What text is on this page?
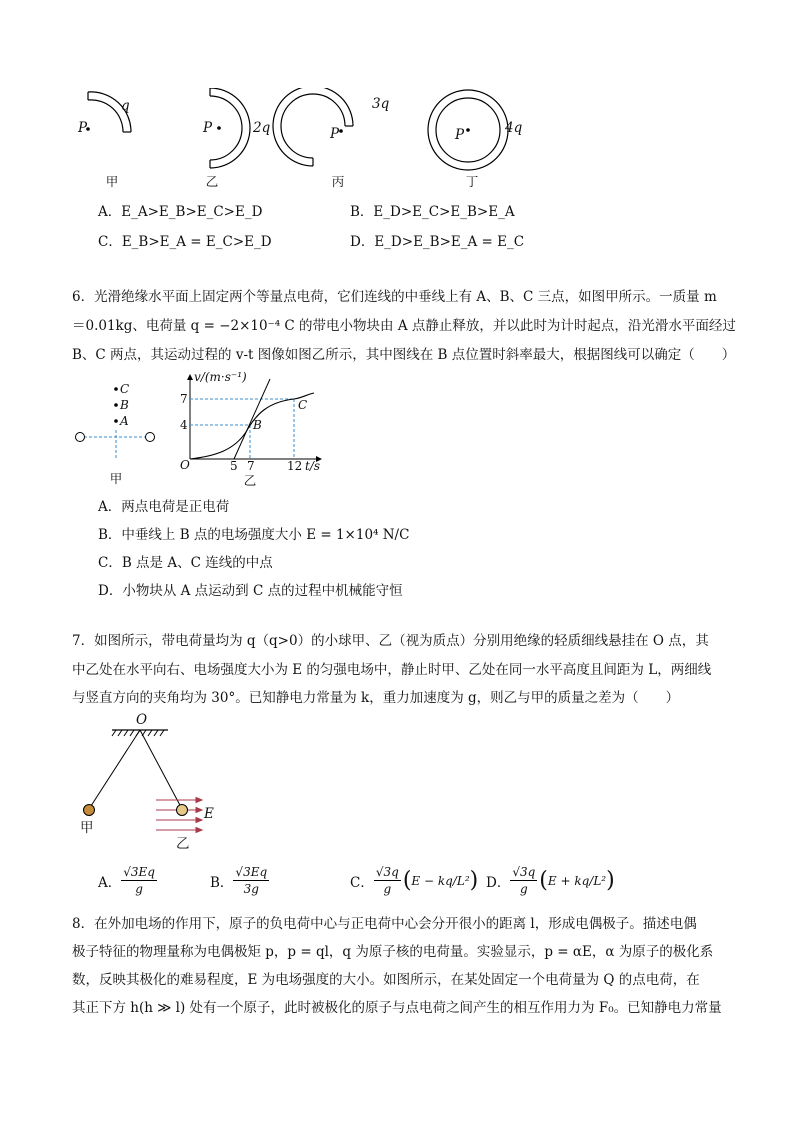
P
q
甲
P	2q
乙
P
3q
丙
P	4q
丁
A．E_A>E_B>E_C>E_D	B．E_D>E_C>E_B>E_A
C．E_B>E_A = E_C>E_D	D．E_D>E_B>E_A = E_C
6．光滑绝缘水平面上固定两个等量点电荷，它们连线的中垂线上有 A、B、C 三点，如图甲所示。一质量 m
＝0.01kg、电荷量 q = −2×10⁻⁴ C 的带电小物块由 A 点静止释放，并以此时为计时起点，沿光滑水平面经过
B、C 两点，其运动过程的 v-t 图像如图乙所示，其中图线在 B 点位置时斜率最大，根据图线可以确定（　　）
C
B
A
甲
v/(m·s⁻¹)
7
4
O	5 7	12 t/s
B
C
乙
A．两点电荷是正电荷
B．中垂线上 B 点的电场强度大小 E = 1×10⁴ N/C
C．B 点是 A、C 连线的中点
D．小物块从 A 点运动到 C 点的过程中机械能守恒
7．如图所示，带电荷量均为 q（q>0）的小球甲、乙（视为质点）分别用绝缘的轻质细线悬挂在 O 点，其
中乙处在水平向右、电场强度大小为 E 的匀强电场中，静止时甲、乙处在同一水平高度且间距为 L，两细线
与竖直方向的夹角均为 30°。已知静电力常量为 k，重力加速度为 g，则乙与甲的质量之差为（　　）
O
甲
乙
E
A． $\frac{√3Eq}{g}$	B． $\frac{√3Eq}{3g}$	C． $\frac{√3q}{g}$ ( E − kq/L² ) D． $\frac{√3q}{g}$ ( E + kq/L² )
8．在外加电场的作用下，原子的负电荷中心与正电荷中心会分开很小的距离 l，形成电偶极子。描述电偶
极子特征的物理量称为电偶极矩 p，p = ql，q 为原子核的电荷量。实验显示，p = αE，α 为原子的极化系
数，反映其极化的难易程度，E 为电场强度的大小。如图所示，在某处固定一个电荷量为 Q 的点电荷，在
其正下方 h(h ≫ l) 处有一个原子，此时被极化的原子与点电荷之间产生的相互作用力为 F₀。已知静电力常量
